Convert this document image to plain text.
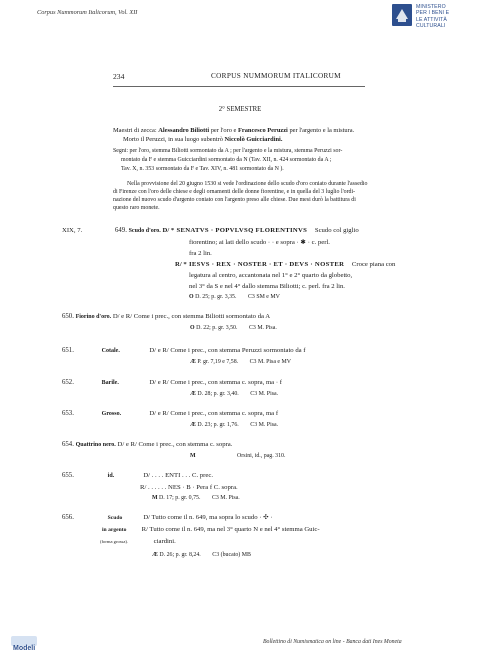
Corpus Nummorum Italicorum, Vol. XII
MINISTERO
PER I BENI E
LE ATTIVITÀ
CULTURALI
234	CORPUS NUMMORUM ITALICORUM
2° SEMESTRE
Maestri di zecca: Alessandro Biliotti per l'oro e Francesco Peruzzi per l'argento e la mistura.
Morto il Peruzzi, in sua luogo subentrò Niccolò Guicciardini.
Segni: per l'oro, stemma Biliotti sormontato da A ; per l'argento e la mistura, stemma Peruzzi sor-
montato da F e stemma Guicciardini sormontato da N (Tav. XII, n. 424 sormontato da A ;
Tav. X, n. 353 sormontato da F e Tav. XIV, n. 481 sormontato da N ).
Nella provvisione del 20 giugno 1530 si vede l'ordinazione dello scudo d'oro coniato durante l'assedio
di Firenze con l'oro delle chiese e degli ornamenti delle donne fiorentine, e in quella del 3 luglio l'ordi-
nazione del nuovo scudo d'argento coniato con l'argento preso alle chiese. Due mesi durò la battitura di
questo raro monete.
XIX, 7.	649. Scudo d'oro. D/ * SENATVS · POPVLVSQ FLORENTINVS Scudo col giglio
fiorentino; ai lati dello scudo · · e sopra · ✱ · c. perl.
fra 2 lin.
R/ * IESVS · REX · NOSTER · ET · DEVS · NOSTER Croce piana con
legatura al centro, accantonata nel 1° e 2° quarto da globetto,
nel 3° da S e nel 4° dallo stemma Biliotti; c. perl. fra 2 lin.
O D. 25; p. gr. 3,35. C3 SM e MV
650. Fiorino d'oro. D/ e R/ Come i prec., con stemma Biliotti sormontato da A
O D. 22; p. gr. 3,50. C3 M. Pisa.
651.	Cotale.	D/ e R/ Come i prec., con stemma Peruzzi sormontato da f
Æ P. gr. 7,19 e 7,58. C3 M. Pisa e MV
652.	Barile.	D/ e R/ Come i prec., con stemma c. sopra, ma · f
Æ D. 28; p. gr. 3,40. C3 M. Pisa.
653.	Grosso.	D/ e R/ Come i prec., con stemma c. sopra, ma f
Æ D. 23; p. gr. 1,76. C3 M. Pisa.
654. Quattrino nero. D/ e R/ Come i prec., con stemma c. sopra.
M	Orsini, id., pag. 310.
655.	id.	D/ . . . . ENTI . . . C. prec.
R/ . . . . . . NES · B · Pera f C. sopra.
M D. 17; p. gr. 0,75. C3 M. Pisa.
656.	Scudo	D/ Tutto come il n. 649, ma sopra lo scudo · ✣ ·
in argento R/ Tutto come il n. 649, ma nel 3° quarto N e nel 4° stemma Guic-
(forma grossa).	ciardini.
Æ D. 26; p. gr. 8,24. C3 (bucato) MB
Modeli
Bollettino di Numismatica on line - Banca dati Ines Moneta
